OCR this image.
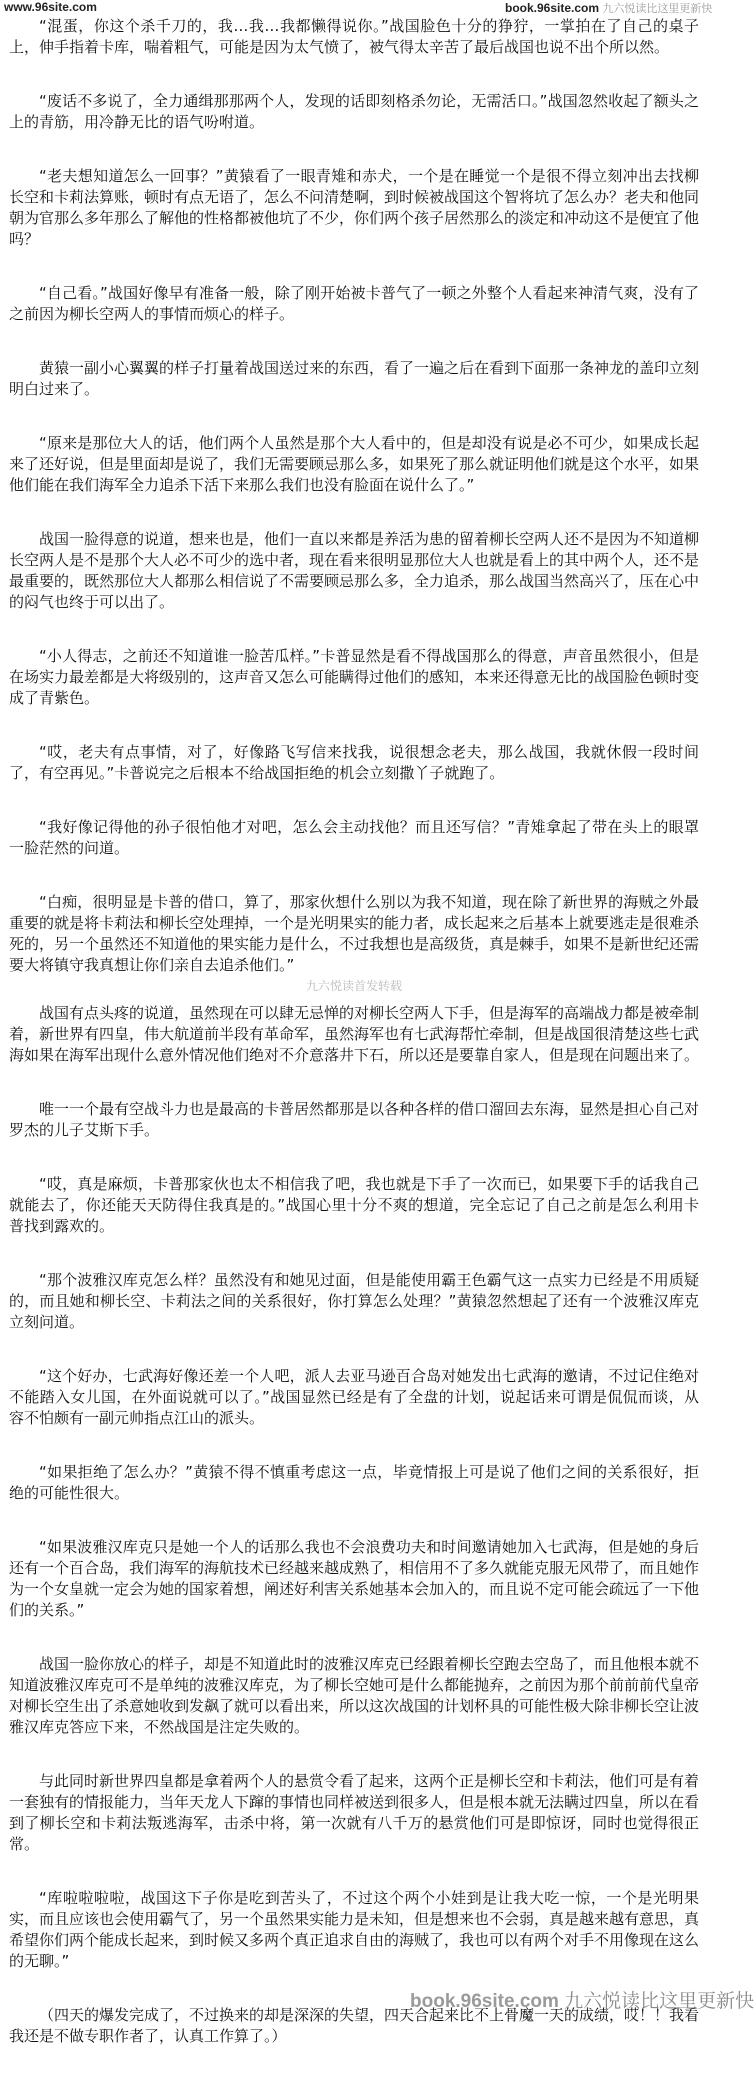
www.96site.com	book.96site.com 九六悦读比这里更新快

“混蛋，你这个杀千刀的，我…我…我都懒得说你。”战国脸色十分的狰狞，一掌拍在了自己的桌子上，伸手指着卡库，喘着粗气，可能是因为太气愤了，被气得太辛苦了最后战国也说不出个所以然。

“废话不多说了，全力通缉那那两个人，发现的话即刻格杀勿论，无需活口。”战国忽然收起了额头之上的青筋，用冷静无比的语气吩咐道。

“老夫想知道怎么一回事？”黄猿看了一眼青雉和赤犬，一个是在睡觉一个是很不得立刻冲出去找柳长空和卡莉法算账，顿时有点无语了，怎么不问清楚啊，到时候被战国这个智将坑了怎么办？老夫和他同朝为官那么多年那么了解他的性格都被他坑了不少，你们两个孩子居然那么的淡定和冲动这不是便宜了他吗？

“自己看。”战国好像早有准备一般，除了刚开始被卡普气了一顿之外整个人看起来神清气爽，没有了之前因为柳长空两人的事情而烦心的样子。

黄猿一副小心翼翼的样子打量着战国送过来的东西，看了一遍之后在看到下面那一条神龙的盖印立刻明白过来了。

“原来是那位大人的话，他们两个人虽然是那个大人看中的，但是却没有说是必不可少，如果成长起来了还好说，但是里面却是说了，我们无需要顾忌那么多，如果死了那么就证明他们就是这个水平，如果他们能在我们海军全力追杀下活下来那么我们也没有脸面在说什么了。”

战国一脸得意的说道，想来也是，他们一直以来都是养活为患的留着柳长空两人还不是因为不知道柳长空两人是不是那个大人必不可少的选中者，现在看来很明显那位大人也就是看上的其中两个人，还不是最重要的，既然那位大人都那么相信说了不需要顾忌那么多，全力追杀，那么战国当然高兴了，压在心中的闷气也终于可以出了。

“小人得志，之前还不知道谁一脸苦瓜样。”卡普显然是看不得战国那么的得意，声音虽然很小，但是在场实力最差都是大将级别的，这声音又怎么可能瞒得过他们的感知，本来还得意无比的战国脸色顿时变成了青紫色。

“哎，老夫有点事情，对了，好像路飞写信来找我，说很想念老夫，那么战国，我就休假一段时间了，有空再见。”卡普说完之后根本不给战国拒绝的机会立刻撒丫子就跑了。

“我好像记得他的孙子很怕他才对吧，怎么会主动找他？而且还写信？”青雉拿起了带在头上的眼罩一脸茫然的问道。

“白痴，很明显是卡普的借口，算了，那家伙想什么别以为我不知道，现在除了新世界的海贼之外最重要的就是将卡莉法和柳长空处理掉，一个是光明果实的能力者，成长起来之后基本上就要逃走是很难杀死的，另一个虽然还不知道他的果实能力是什么，不过我想也是高级货，真是棘手，如果不是新世纪还需要大将镇守我真想让你们亲自去追杀他们。”

九六悦读首发转载

战国有点头疼的说道，虽然现在可以肆无忌惮的对柳长空两人下手，但是海军的高端战力都是被牵制着，新世界有四皇，伟大航道前半段有革命军，虽然海军也有七武海帮忙牵制，但是战国很清楚这些七武海如果在海军出现什么意外情况他们绝对不介意落井下石，所以还是要靠自家人，但是现在问题出来了。

唯一一个最有空战斗力也是最高的卡普居然都那是以各种各样的借口溜回去东海，显然是担心自己对罗杰的儿子艾斯下手。

“哎，真是麻烦，卡普那家伙也太不相信我了吧，我也就是下手了一次而已，如果要下手的话我自己就能去了，你还能天天防得住我真是的。”战国心里十分不爽的想道，完全忘记了自己之前是怎么利用卡普找到露欢的。

“那个波雅汉库克怎么样？虽然没有和她见过面，但是能使用霸王色霸气这一点实力已经是不用质疑的，而且她和柳长空、卡莉法之间的关系很好，你打算怎么处理？”黄猿忽然想起了还有一个波雅汉库克立刻问道。

“这个好办，七武海好像还差一个人吧，派人去亚马逊百合岛对她发出七武海的邀请，不过记住绝对不能踏入女儿国，在外面说就可以了。”战国显然已经是有了全盘的计划，说起话来可谓是侃侃而谈，从容不怕颇有一副元帅指点江山的派头。

“如果拒绝了怎么办？”黄猿不得不慎重考虑这一点，毕竟情报上可是说了他们之间的关系很好，拒绝的可能性很大。

“如果波雅汉库克只是她一个人的话那么我也不会浪费功夫和时间邀请她加入七武海，但是她的身后还有一个百合岛，我们海军的海航技术已经越来越成熟了，相信用不了多久就能克服无风带了，而且她作为一个女皇就一定会为她的国家着想，阐述好利害关系她基本会加入的，而且说不定可能会疏远了一下他们的关系。”

战国一脸你放心的样子，却是不知道此时的波雅汉库克已经跟着柳长空跑去空岛了，而且他根本就不知道波雅汉库克可不是单纯的波雅汉库克，为了柳长空她可是什么都能抛弃，之前因为那个前前前代皇帝对柳长空生出了杀意她收到发飙了就可以看出来，所以这次战国的计划杯具的可能性极大除非柳长空让波雅汉库克答应下来，不然战国是注定失败的。

与此同时新世界四皇都是拿着两个人的悬赏令看了起来，这两个正是柳长空和卡莉法，他们可是有着一套独有的情报能力，当年天龙人下蹿的事情也同样被送到很多人，但是根本就无法瞒过四皇，所以在看到了柳长空和卡莉法叛逃海军，击杀中将，第一次就有八千万的悬赏他们可是即惊讶，同时也觉得很正常。

“库啦啦啦啦，战国这下子你是吃到苦头了，不过这个两个小娃到是让我大吃一惊，一个是光明果实，而且应该也会使用霸气了，另一个虽然果实能力是未知，但是想来也不会弱，真是越来越有意思，真希望你们两个能成长起来，到时候又多两个真正追求自由的海贼了，我也可以有两个对手不用像现在这么的无聊。”

（四天的爆发完成了，不过换来的却是深深的失望，四天合起来比不上骨魔一天的成绩，哎！！我看我还是不做专职作者了，认真工作算了。）

book.96site.com 九六悦读比这里更新快
